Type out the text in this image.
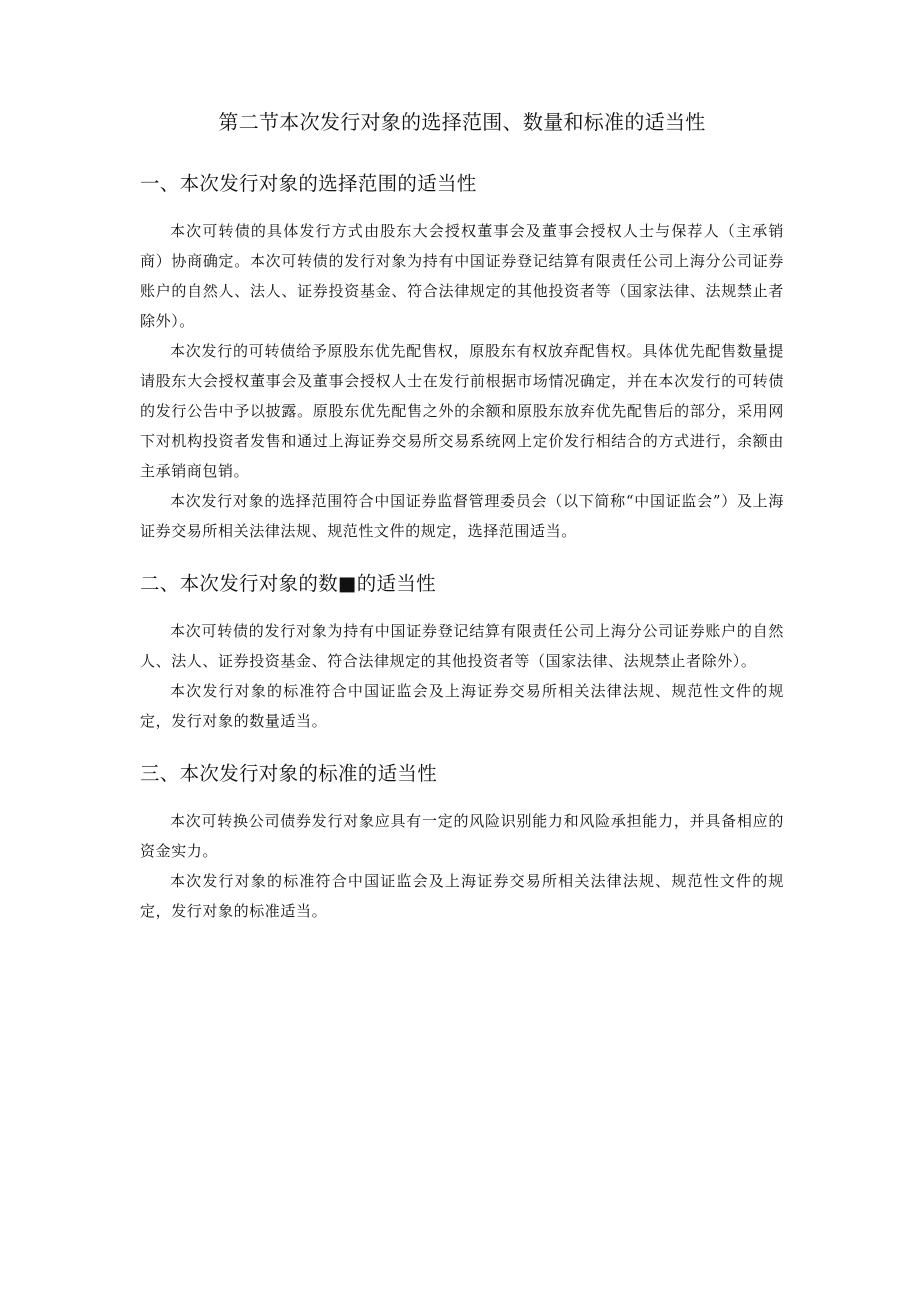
第二节本次发行对象的选择范围、数量和标准的适当性
一、本次发行对象的选择范围的适当性

本次可转债的具体发行方式由股东大会授权董事会及董事会授权人士与保荐人（主承销商）协商确定。本次可转债的发行对象为持有中国证券登记结算有限责任公司上海分公司证券账户的自然人、法人、证券投资基金、符合法律规定的其他投资者等（国家法律、法规禁止者除外）。

本次发行的可转债给予原股东优先配售权，原股东有权放弃配售权。具体优先配售数量提请股东大会授权董事会及董事会授权人士在发行前根据市场情况确定，并在本次发行的可转债的发行公告中予以披露。原股东优先配售之外的余额和原股东放弃优先配售后的部分，采用网下对机构投资者发售和通过上海证券交易所交易系统网上定价发行相结合的方式进行，余额由主承销商包销。

本次发行对象的选择范围符合中国证券监督管理委员会（以下简称“中国证监会”）及上海证券交易所相关法律法规、规范性文件的规定，选择范围适当。

二、本次发行对象的数■的适当性

本次可转债的发行对象为持有中国证券登记结算有限责任公司上海分公司证券账户的自然人、法人、证券投资基金、符合法律规定的其他投资者等（国家法律、法规禁止者除外）。

本次发行对象的标准符合中国证监会及上海证券交易所相关法律法规、规范性文件的规定，发行对象的数量适当。

三、本次发行对象的标准的适当性

本次可转换公司债券发行对象应具有一定的风险识别能力和风险承担能力，并具备相应的资金实力。

本次发行对象的标准符合中国证监会及上海证券交易所相关法律法规、规范性文件的规定，发行对象的标准适当。
